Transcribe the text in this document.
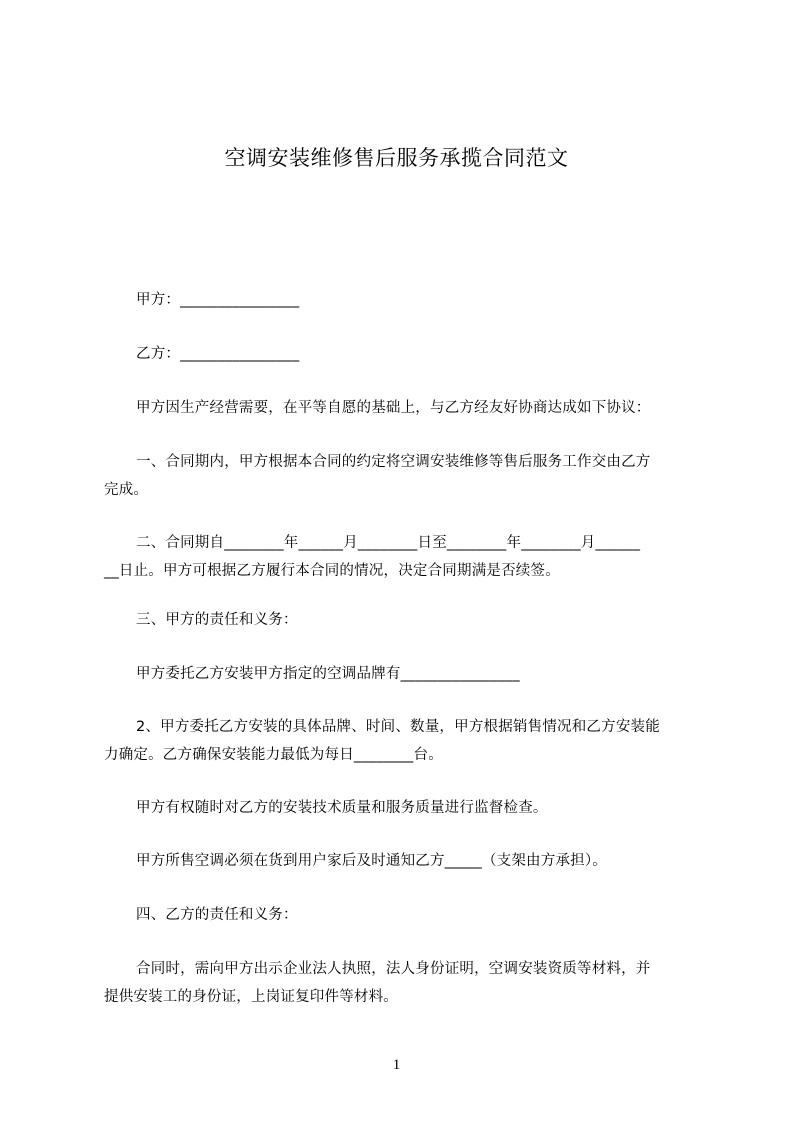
空调安装维修售后服务承揽合同范文
甲方：________________
乙方：________________
甲方因生产经营需要，在平等自愿的基础上，与乙方经友好协商达成如下协议：
一、合同期内，甲方根据本合同的约定将空调安装维修等售后服务工作交由乙方
完成。
二、合同期自________年______月________日至________年________月______
__日止。甲方可根据乙方履行本合同的情况，决定合同期满是否续签。
三、甲方的责任和义务：
甲方委托乙方安装甲方指定的空调品牌有________________
2、甲方委托乙方安装的具体品牌、时间、数量，甲方根据销售情况和乙方安装能
力确定。乙方确保安装能力最低为每日________台。
甲方有权随时对乙方的安装技术质量和服务质量进行监督检查。
甲方所售空调必须在货到用户家后及时通知乙方_____（支架由方承担）。
四、乙方的责任和义务：
合同时，需向甲方出示企业法人执照，法人身份证明，空调安装资质等材料，并
提供安装工的身份证，上岗证复印件等材料。
1
